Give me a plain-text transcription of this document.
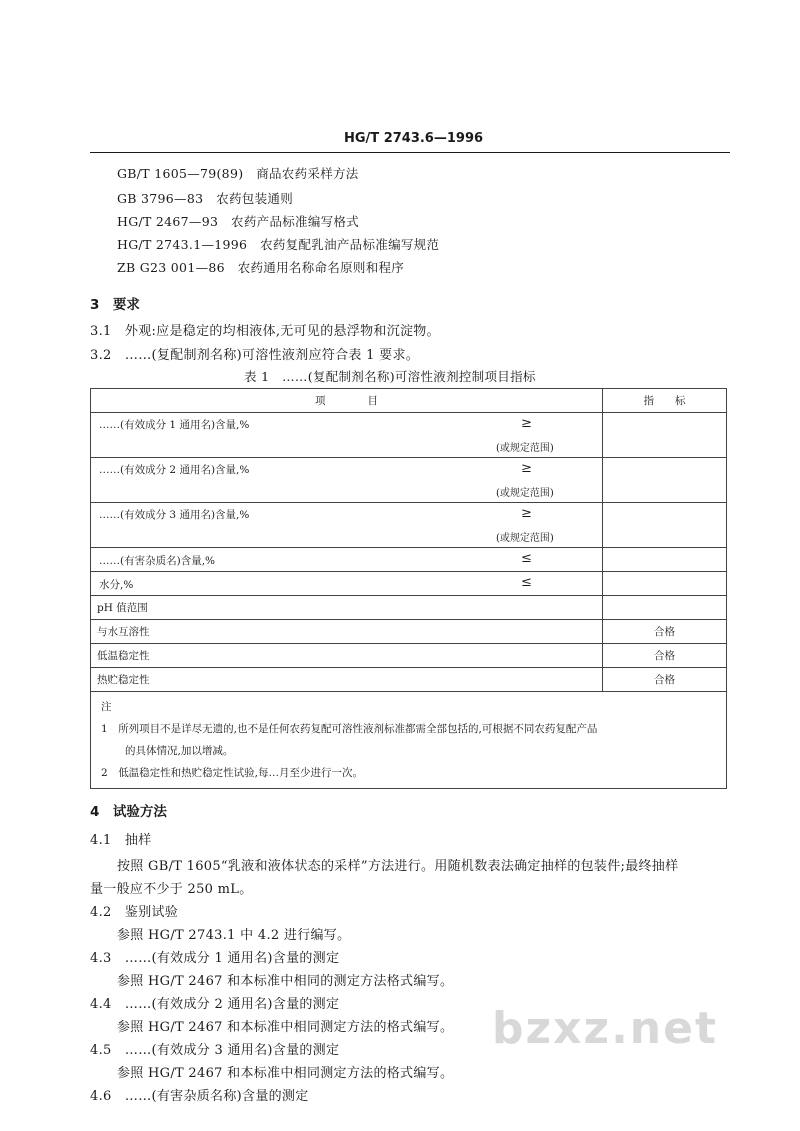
HG/T 2743.6—1996
GB/T 1605—79(89)　 商品农药采样方法
GB 3796—83　 农药包装通则
HG/T 2467—93　 农药产品标准编写格式
HG/T 2743.1—1996　 农药复配乳油产品标准编写规范
ZB G23 001—86　 农药通用名称命名原则和程序
3　 要求
3.1　 外观:应是稳定的均相液体,无可见的悬浮物和沉淀物。
3.2　 ……(复配制剂名称)可溶性液剂应符合表 1 要求。
表 1　……(复配制剂名称)可溶性液剂控制项目指标
项　　　　目	指　　标

……(有效成分 1 通用名)含量,% ≥
(或规定范围)	

……(有效成分 2 通用名)含量,% ≥
(或规定范围)	

……(有效成分 3 通用名)含量,% ≥
(或规定范围)	

……(有害杂质名)含量,% ≤	

水分,% ≤	

pH 值范围	
与水互溶性	合格
低温稳定性	合格
热贮稳定性	合格

注
1　 所列项目不是详尽无遗的,也不是任何农药复配可溶性液剂标准都需全部包括的,可根据不同农药复配产品
的具体情况,加以增减。
2　 低温稳定性和热贮稳定性试验,每…月至少进行一次。	
4　 试验方法
4.1　 抽样
按照 GB/T 1605“乳液和液体状态的采样”方法进行。用随机数表法确定抽样的包装件;最终抽样
量一般应不少于 250 mL。
4.2　 鉴别试验
参照 HG/T 2743.1 中 4.2 进行编写。
4.3　 ……(有效成分 1 通用名)含量的测定
参照 HG/T 2467 和本标准中相同的测定方法格式编写。
4.4　 ……(有效成分 2 通用名)含量的测定
参照 HG/T 2467 和本标准中相同测定方法的格式编写。
4.5　 ……(有效成分 3 通用名)含量的测定
参照 HG/T 2467 和本标准中相同测定方法的格式编写。
4.6　 ……(有害杂质名称)含量的测定
bzxz.net
